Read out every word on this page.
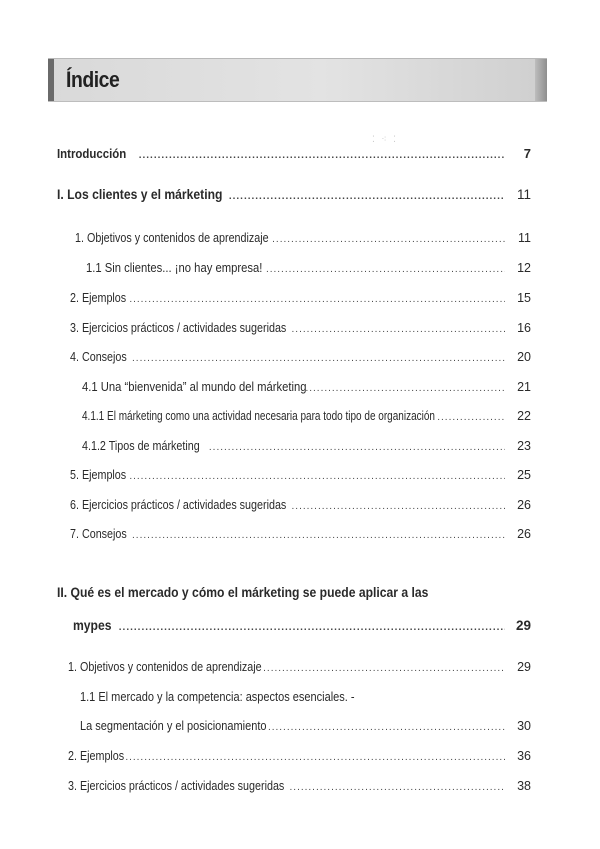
Índice
⁚ ⁖ ⁚
Introducción .....	7
I. Los clientes y el márketing .....	11
1. Objetivos y contenidos de aprendizaje .....	11
1.1 Sin clientes... ¡no hay empresa! .....	12
2. Ejemplos .....	15
3. Ejercicios prácticos / actividades sugeridas .....	16
4. Consejos .....	20
4.1 Una “bienvenida” al mundo del márketing .....	21
4.1.1 El márketing como una actividad necesaria para todo tipo de organización .....	22
4.1.2 Tipos de márketing .....	23
5. Ejemplos .....	25
6. Ejercicios prácticos / actividades sugeridas .....	26
7. Consejos .....	26
II. Qué es el mercado y cómo el márketing se puede aplicar a las
mypes .....	29
1. Objetivos y contenidos de aprendizaje .....	29
1.1 El mercado y la competencia: aspectos esenciales. -
La segmentación y el posicionamiento .....	30
2. Ejemplos .....	36
3. Ejercicios prácticos / actividades sugeridas .....	38
